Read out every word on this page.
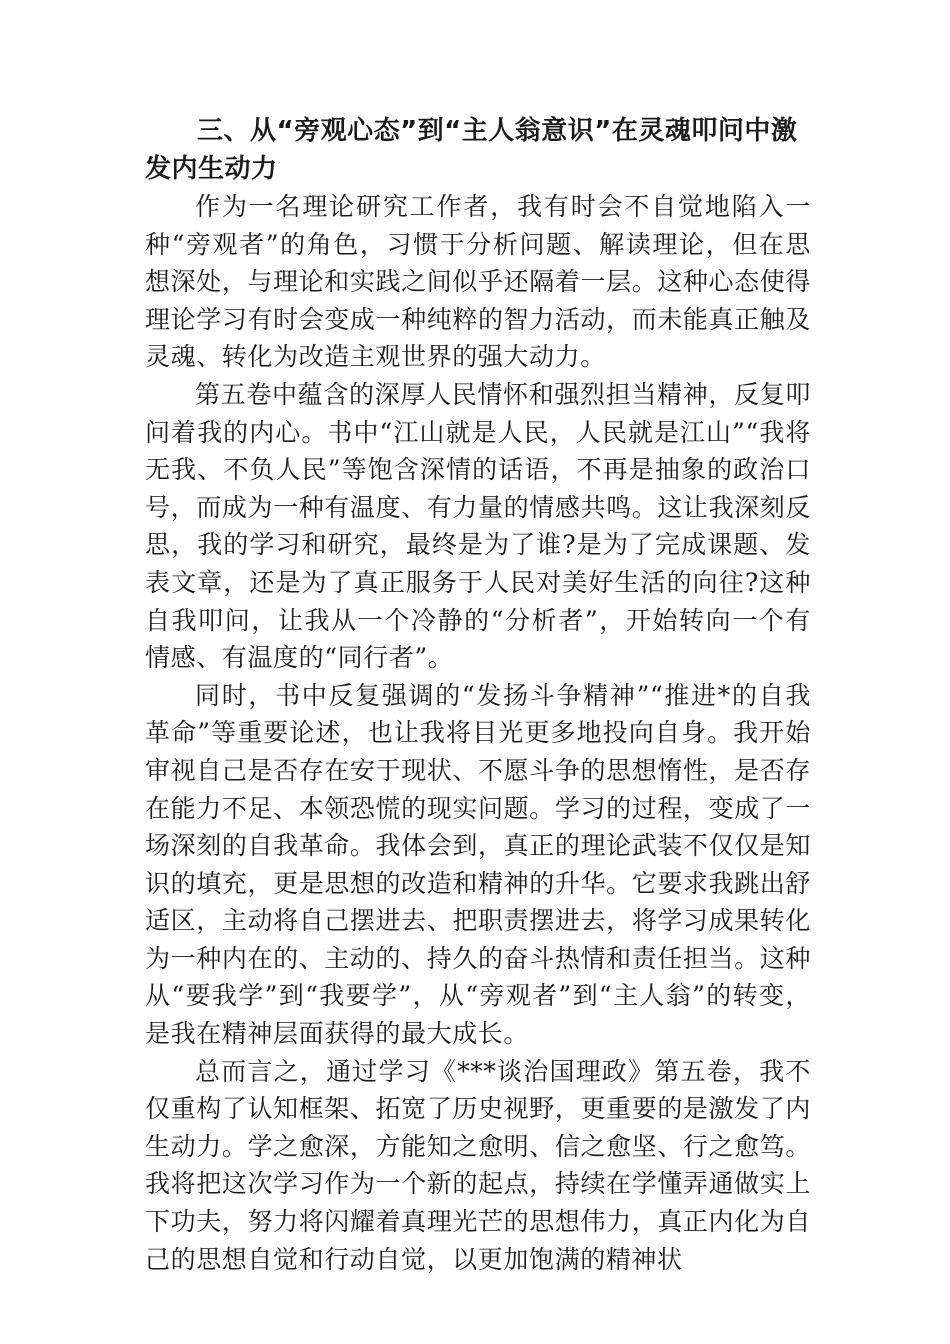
三、从“旁观心态”到“主人翁意识”在灵魂叩问中激发内生动力

作为一名理论研究工作者，我有时会不自觉地陷入一种“旁观者”的角色，习惯于分析问题、解读理论，但在思想深处，与理论和实践之间似乎还隔着一层。这种心态使得理论学习有时会变成一种纯粹的智力活动，而未能真正触及灵魂、转化为改造主观世界的强大动力。

第五卷中蕴含的深厚人民情怀和强烈担当精神，反复叩问着我的内心。书中“江山就是人民，人民就是江山”“我将无我、不负人民”等饱含深情的话语，不再是抽象的政治口号，而成为一种有温度、有力量的情感共鸣。这让我深刻反思，我的学习和研究，最终是为了谁?是为了完成课题、发表文章，还是为了真正服务于人民对美好生活的向往?这种自我叩问，让我从一个冷静的“分析者”，开始转向一个有情感、有温度的“同行者”。

同时，书中反复强调的“发扬斗争精神”“推进*的自我革命”等重要论述，也让我将目光更多地投向自身。我开始审视自己是否存在安于现状、不愿斗争的思想惰性，是否存在能力不足、本领恐慌的现实问题。学习的过程，变成了一场深刻的自我革命。我体会到，真正的理论武装不仅仅是知识的填充，更是思想的改造和精神的升华。它要求我跳出舒适区，主动将自己摆进去、把职责摆进去，将学习成果转化为一种内在的、主动的、持久的奋斗热情和责任担当。这种从“要我学”到“我要学”，从“旁观者”到“主人翁”的转变，是我在精神层面获得的最大成长。

总而言之，通过学习《***谈治国理政》第五卷，我不仅重构了认知框架、拓宽了历史视野，更重要的是激发了内生动力。学之愈深，方能知之愈明、信之愈坚、行之愈笃。我将把这次学习作为一个新的起点，持续在学懂弄通做实上下功夫，努力将闪耀着真理光芒的思想伟力，真正内化为自己的思想自觉和行动自觉，以更加饱满的精神状
